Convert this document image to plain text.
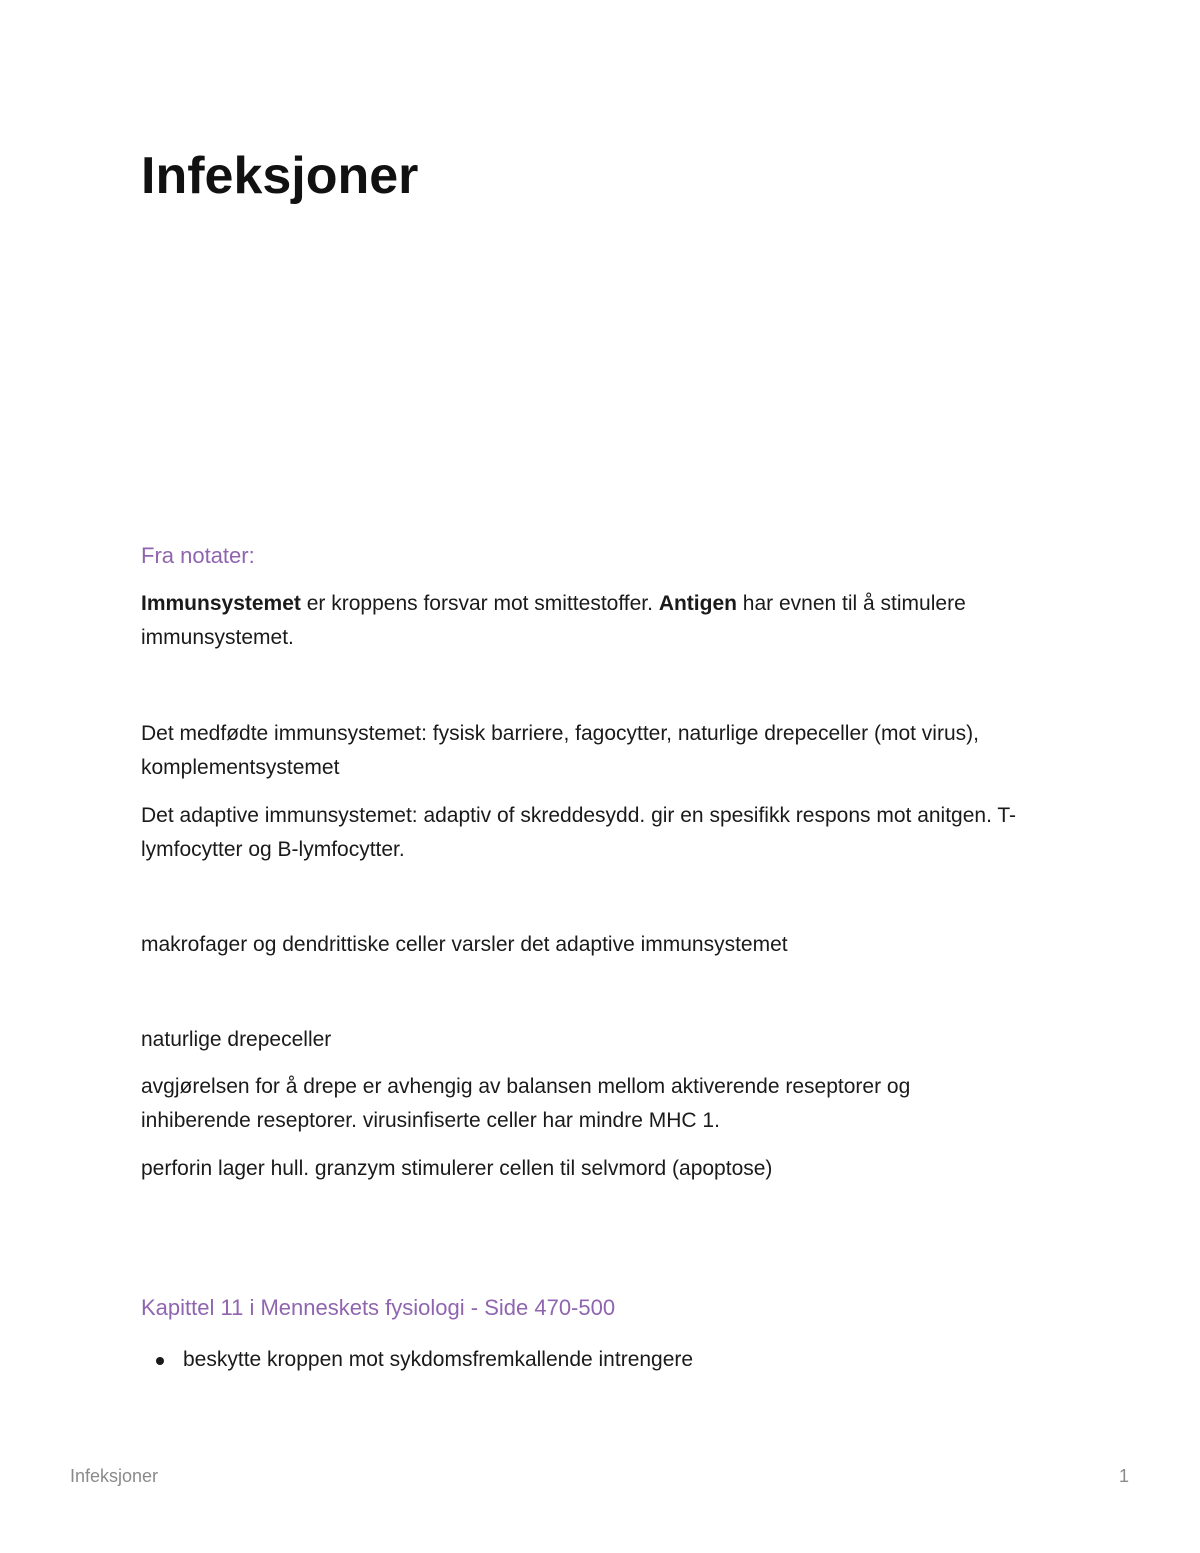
Infeksjoner
Fra notater:

Immunsystemet er kroppens forsvar mot smittestoffer. Antigen har evnen til å stimulere immunsystemet.

Det medfødte immunsystemet: fysisk barriere, fagocytter, naturlige drepeceller (mot virus), komplementsystemet

Det adaptive immunsystemet: adaptiv of skreddesydd. gir en spesifikk respons mot anitgen. T-lymfocytter og B-lymfocytter.

makrofager og dendrittiske celler varsler det adaptive immunsystemet

naturlige drepeceller

avgjørelsen for å drepe er avhengig av balansen mellom aktiverende reseptorer og inhiberende reseptorer. virusinfiserte celler har mindre MHC 1.

perforin lager hull. granzym stimulerer cellen til selvmord (apoptose)

Kapittel 11 i Menneskets fysiologi - Side 470-500
beskytte kroppen mot sykdomsfremkallende intrengere
Infeksjoner	1
